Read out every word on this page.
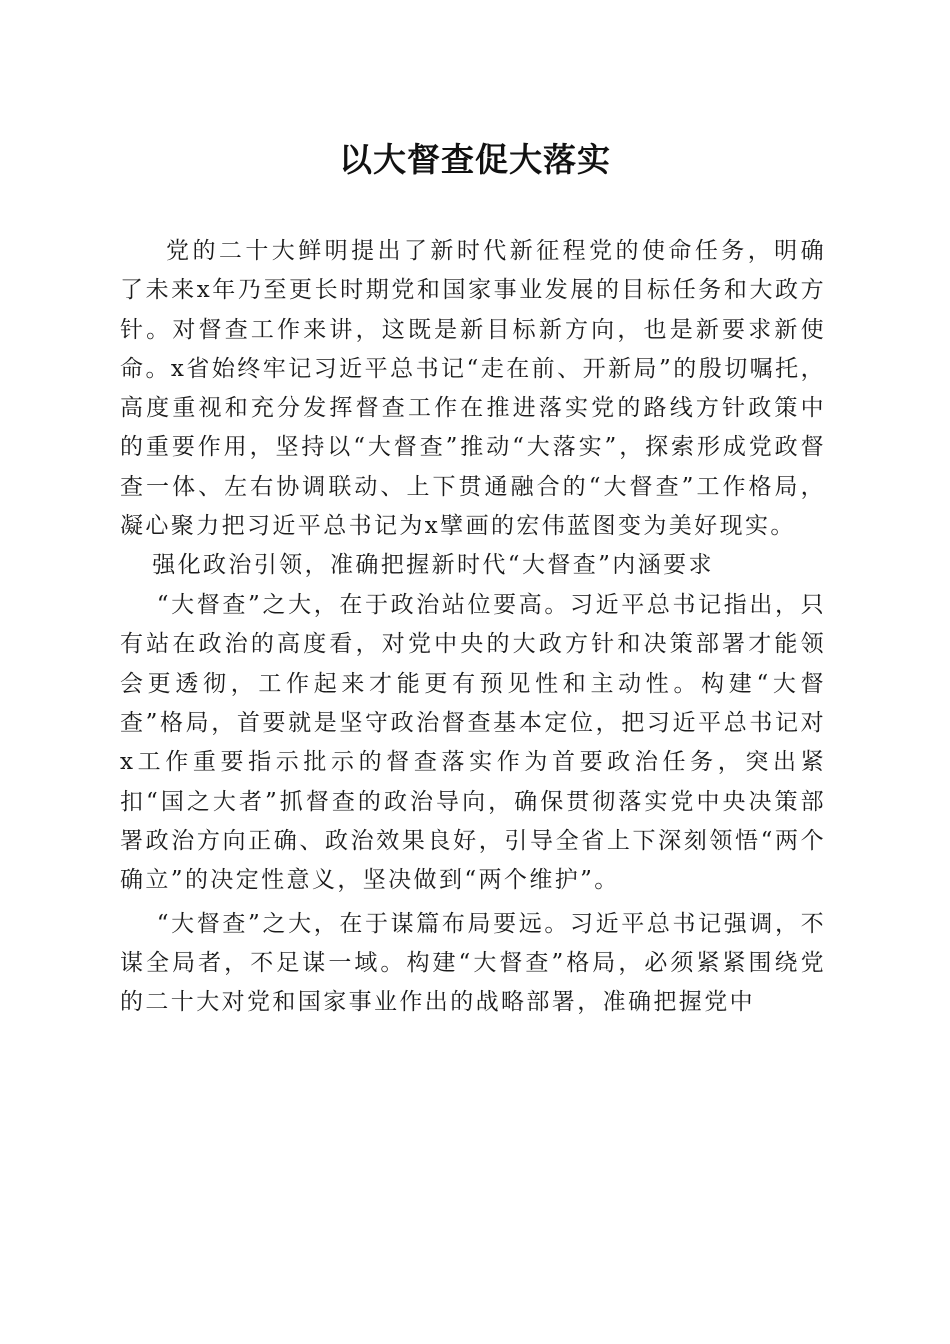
以大督查促大落实

党的二十大鲜明提出了新时代新征程党的使命任务，明确了未来x年乃至更长时期党和国家事业发展的目标任务和大政方针。对督查工作来讲，这既是新目标新方向，也是新要求新使命。x省始终牢记习近平总书记“走在前、开新局”的殷切嘱托，高度重视和充分发挥督查工作在推进落实党的路线方针政策中的重要作用，坚持以“大督查”推动“大落实”，探索形成党政督查一体、左右协调联动、上下贯通融合的“大督查”工作格局，凝心聚力把习近平总书记为x擘画的宏伟蓝图变为美好现实。

强化政治引领，准确把握新时代“大督查”内涵要求

“大督查”之大，在于政治站位要高。习近平总书记指出，只有站在政治的高度看，对党中央的大政方针和决策部署才能领会更透彻，工作起来才能更有预见性和主动性。构建“大督查”格局，首要就是坚守政治督查基本定位，把习近平总书记对x工作重要指示批示的督查落实作为首要政治任务，突出紧扣“国之大者”抓督查的政治导向，确保贯彻落实党中央决策部署政治方向正确、政治效果良好，引导全省上下深刻领悟“两个确立”的决定性意义，坚决做到“两个维护”。

“大督查”之大，在于谋篇布局要远。习近平总书记强调，不谋全局者，不足谋一域。构建“大督查”格局，必须紧紧围绕党的二十大对党和国家事业作出的战略部署，准确把握党中
